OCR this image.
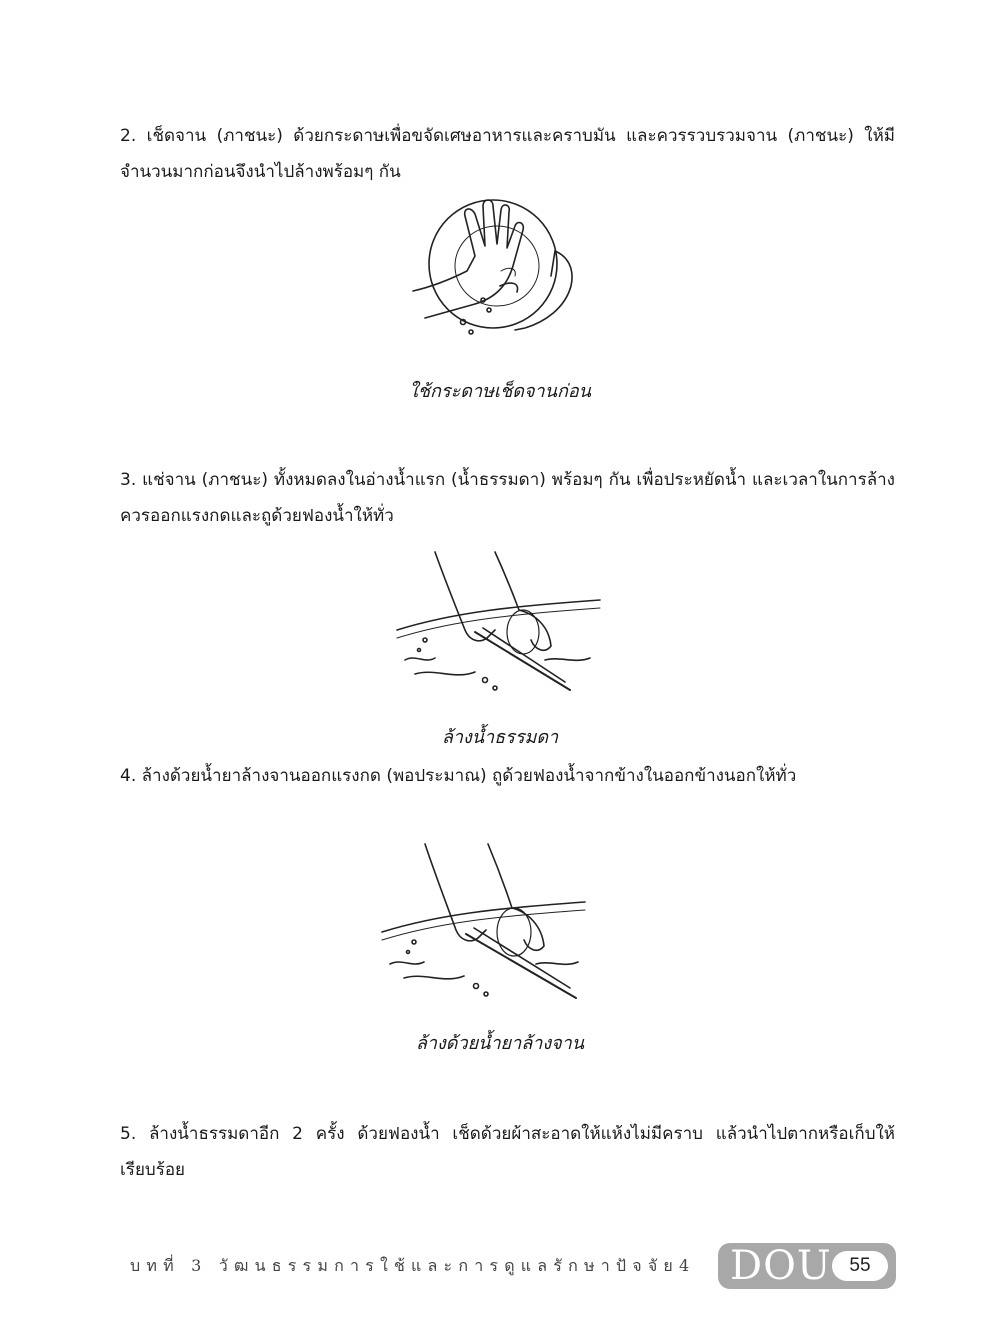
2. เช็ดจาน (ภาชนะ) ด้วยกระดาษเพื่อขจัดเศษอาหารและคราบมัน และควรรวบรวมจาน (ภาชนะ) ให้มีจำนวนมากก่อนจึงนำไปล้างพร้อมๆ กัน

ใช้กระดาษเช็ดจานก่อน

3. แช่จาน (ภาชนะ) ทั้งหมดลงในอ่างน้ำแรก (น้ำธรรมดา) พร้อมๆ กัน เพื่อประหยัดน้ำ และเวลาในการล้างควรออกแรงกดและถูด้วยฟองน้ำให้ทั่ว

ล้างน้ำธรรมดา

4. ล้างด้วยน้ำยาล้างจานออกแรงกด (พอประมาณ) ถูด้วยฟองน้ำจากข้างในออกข้างนอกให้ทั่ว

ล้างด้วยน้ำยาล้างจาน

5. ล้างน้ำธรรมดาอีก 2 ครั้ง ด้วยฟองน้ำ เช็ดด้วยผ้าสะอาดให้แห้งไม่มีคราบ แล้วนำไปตากหรือเก็บให้เรียบร้อย

บทที่ 3 วัฒนธรรมการใช้และการดูแลรักษาปัจจัย4 DOU 55
